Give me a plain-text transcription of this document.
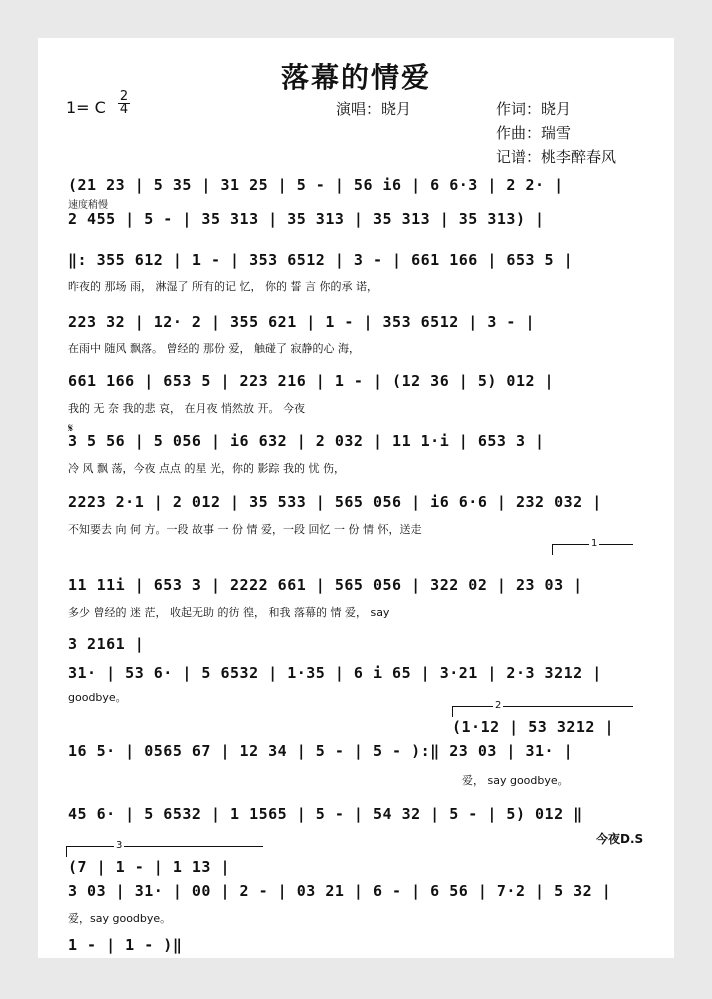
落幕的情爱
1= C
2
4	演唱：晓月	作词：晓月
作曲：瑞雪
记谱：桃李醉春风
(21 23 | 5 35 | 31 25 | 5 - | 56 i6 | 6 6·3 | 2 2· |
速度稍慢
2 455 | 5 - | 35 313 | 35 313 | 35 313 | 35 313) |
‖: 355 612 | 1 - | 353 6512 | 3 - | 661 166 | 653 5 |
昨夜的 那场 雨， 淋湿了 所有的记 忆， 你的 誓 言 你的承 诺，
223 32 | 12· 2 | 355 621 | 1 - | 353 6512 | 3 - |
在雨中 随风 飘落。 曾经的 那份 爱， 触碰了 寂静的心 海，
661 166 | 653 5 | 223 216 | 1 - | (12 36 | 5) 012 |
我的 无 奈 我的悲 哀， 在月夜 悄然放 开。 今夜
𝄋
3 5 56 | 5 056 | i6 632 | 2 032 | 11 1·i | 653 3 |
冷 风 飘 荡，今夜 点点 的星 光，你的 影踪 我的 忧 伤，
2223 2·1 | 2 012 | 35 533 | 565 056 | i6 6·6 | 232 032 |
不知要去 向 何 方。一段 故事 一 份 情 爱，一段 回忆 一 份 情 怀，送走
1
11 11i | 653 3 | 2222 661 | 565 056 | 322 02 | 23 03 |
多少 曾经的 迷 茫， 收起无助 的彷 徨， 和我 落幕的 情 爱， say
3 2161 |
31· | 53 6· | 5 6532 | 1·35 | 6 i 65 | 3·21 | 2·3 3212 |
goodbye。
2
(1·12 | 53 3212 |
16 5· | 0565 67 | 12 34 | 5 - | 5 - ):‖ 23 03 | 31· |
爱， say goodbye。
45 6· | 5 6532 | 1 1565 | 5 - | 54 32 | 5 - | 5) 012 ‖
今夜D.S
3
(7 | 1 - | 1 13 |
3 03 | 31· | 00 | 2 - | 03 21 | 6 - | 6 56 | 7·2 | 5 32 |
爱，say goodbye。
1 - | 1 - )‖
